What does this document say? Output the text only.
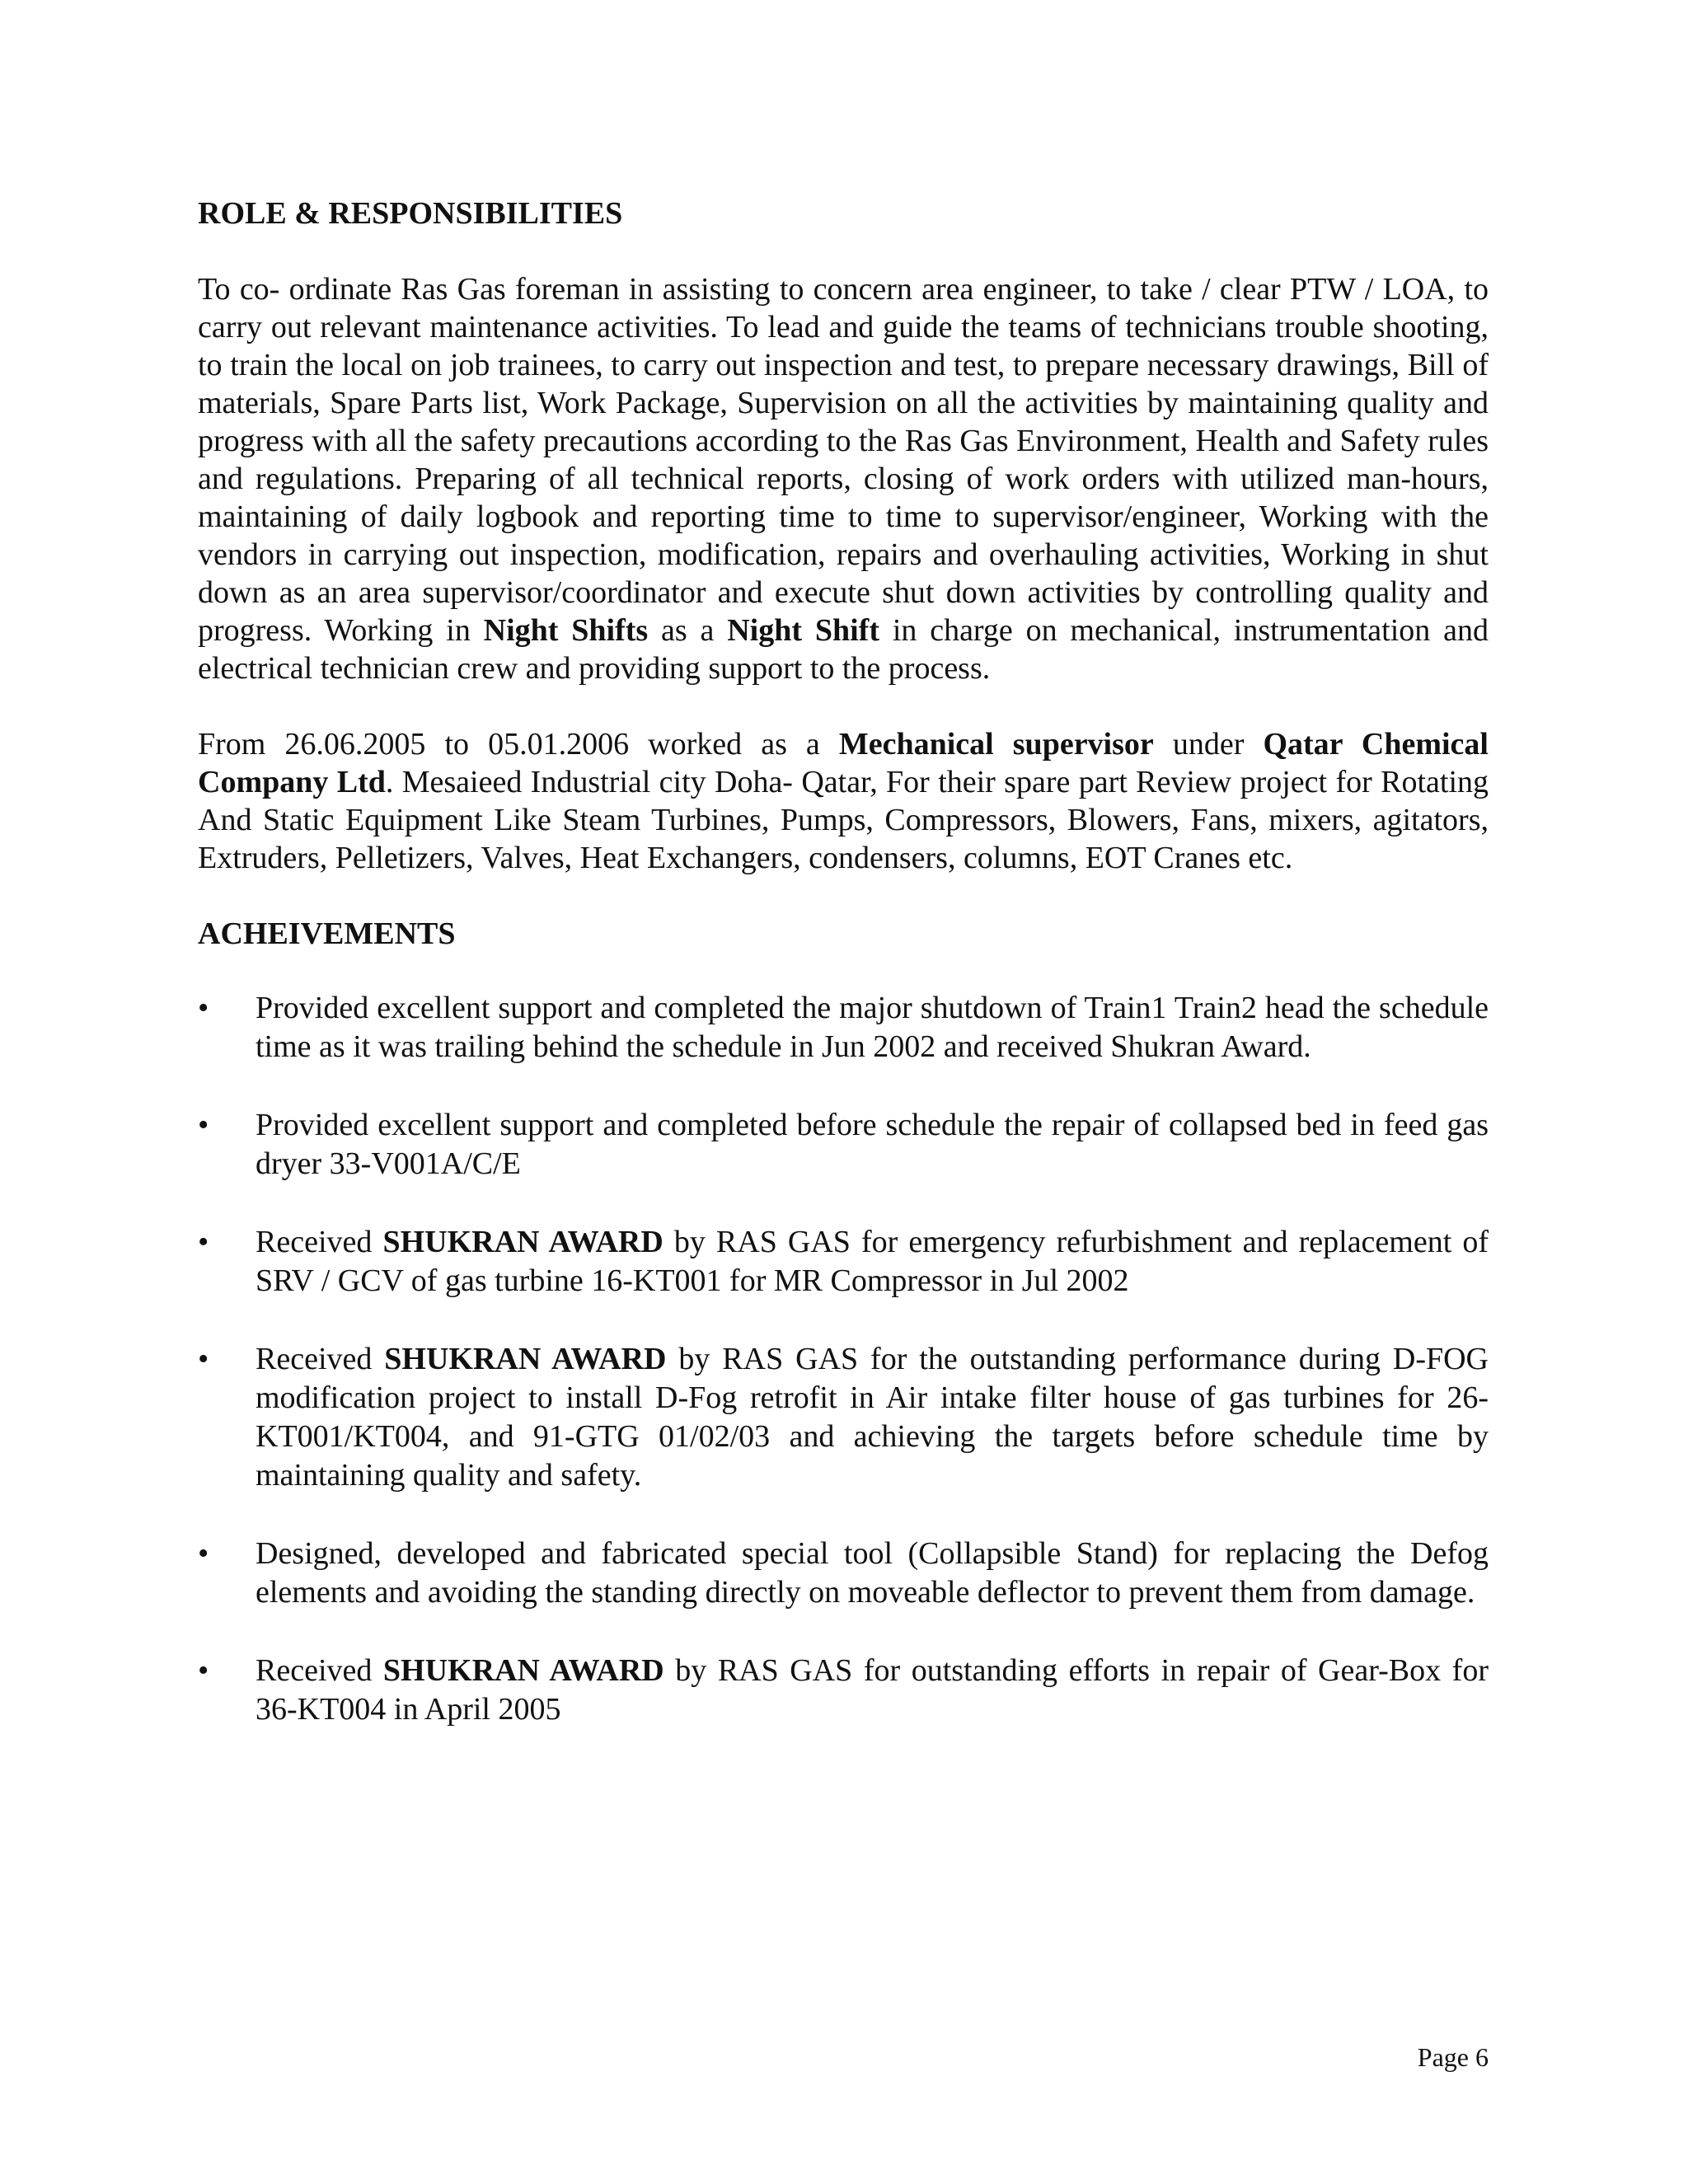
ROLE & RESPONSIBILITIES

To co- ordinate Ras Gas foreman in assisting to concern area engineer, to take / clear PTW / LOA, to carry out relevant maintenance activities. To lead and guide the teams of technicians trouble shooting, to train the local on job trainees, to carry out inspection and test, to prepare necessary drawings, Bill of materials, Spare Parts list, Work Package, Supervision on all the activities by maintaining quality and progress with all the safety precautions according to the Ras Gas Environment, Health and Safety rules and regulations. Preparing of all technical reports, closing of work orders with utilized man-hours, maintaining of daily logbook and reporting time to time to supervisor/engineer, Working with the vendors in carrying out inspection, modification, repairs and overhauling activities, Working in shut down as an area supervisor/coordinator and execute shut down activities by controlling quality and progress. Working in Night Shifts as a Night Shift in charge on mechanical, instrumentation and electrical technician crew and providing support to the process.

From 26.06.2005 to 05.01.2006 worked as a Mechanical supervisor under Qatar Chemical Company Ltd. Mesaieed Industrial city Doha- Qatar, For their spare part Review project for Rotating And Static Equipment Like Steam Turbines, Pumps, Compressors, Blowers, Fans, mixers, agitators, Extruders, Pelletizers, Valves, Heat Exchangers, condensers, columns, EOT Cranes etc.

ACHEIVEMENTS
•	Provided excellent support and completed the major shutdown of Train1 Train2 head the schedule time as it was trailing behind the schedule in Jun 2002 and received Shukran Award.
•	Provided excellent support and completed before schedule the repair of collapsed bed in feed gas dryer 33-V001A/C/E
•	Received SHUKRAN AWARD by RAS GAS for emergency refurbishment and replacement of SRV / GCV of gas turbine 16-KT001 for MR Compressor in Jul 2002
•	Received SHUKRAN AWARD by RAS GAS for the outstanding performance during D-FOG modification project to install D-Fog retrofit in Air intake filter house of gas turbines for 26-KT001/KT004, and 91-GTG 01/02/03 and achieving the targets before schedule time by maintaining quality and safety.
•	Designed, developed and fabricated special tool (Collapsible Stand) for replacing the Defog elements and avoiding the standing directly on moveable deflector to prevent them from damage.
•	Received SHUKRAN AWARD by RAS GAS for outstanding efforts in repair of Gear-Box for 36-KT004 in April 2005
Page 6
